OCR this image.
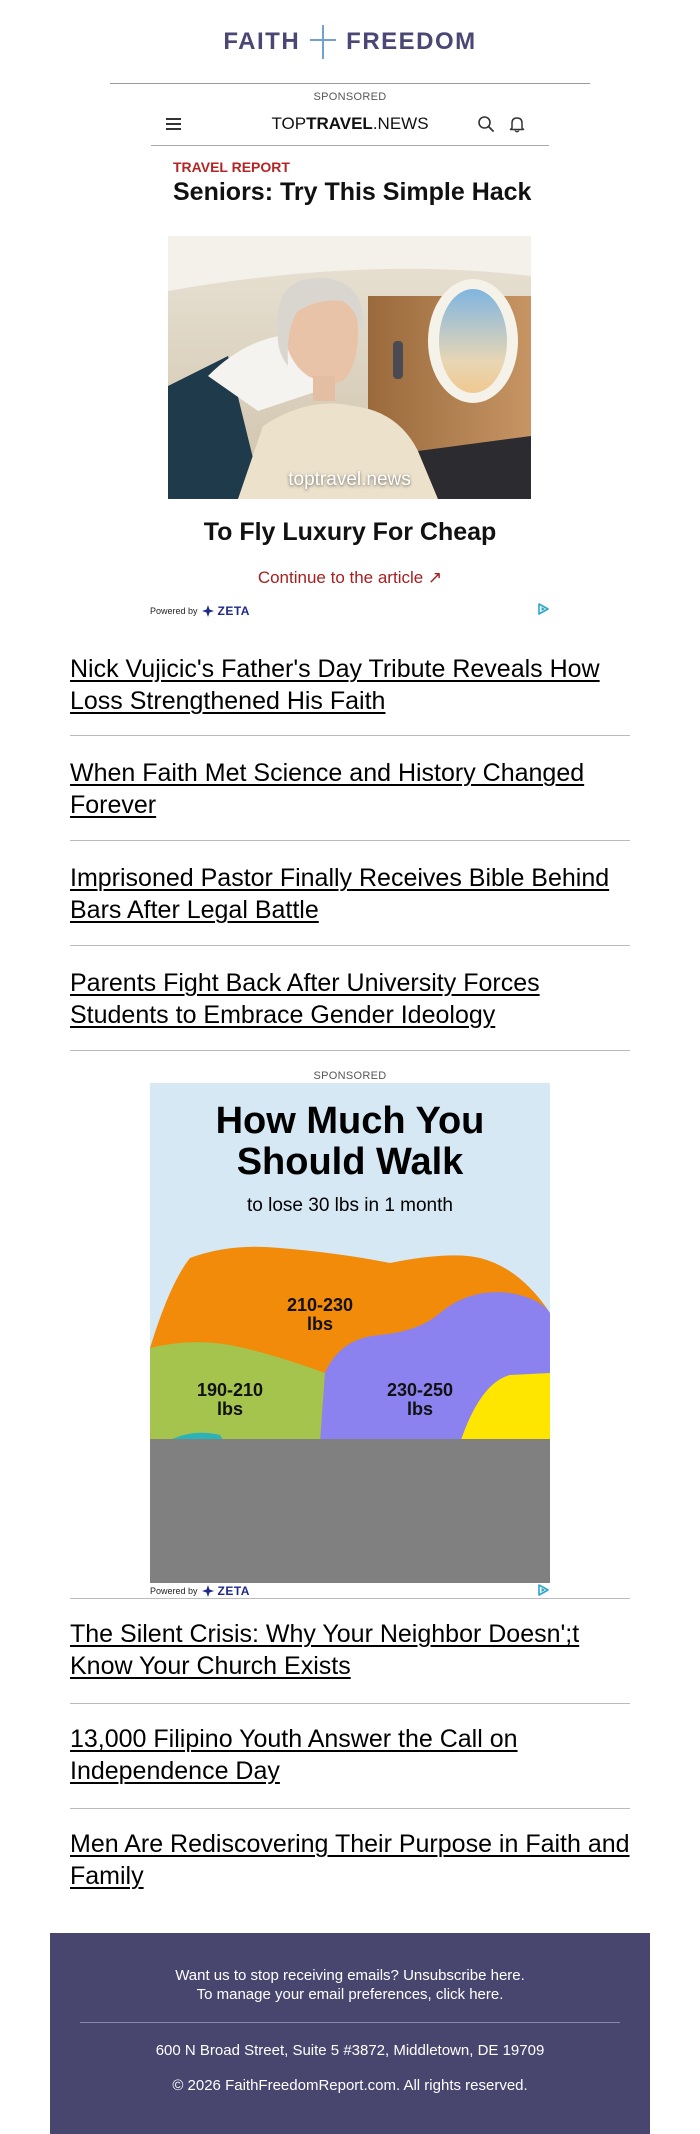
FAITH FREEDOM
SPONSORED
TOPTRAVEL.NEWS
TRAVEL REPORT
Seniors: Try This Simple Hack
toptravel.news
To Fly Luxury For Cheap
Continue to the article ↗
Powered by ZETA
Nick Vujicic's Father's Day Tribute Reveals How Loss Strengthened His Faith
When Faith Met Science and History Changed Forever
Imprisoned Pastor Finally Receives Bible Behind Bars After Legal Battle
Parents Fight Back After University Forces Students to Embrace Gender Ideology
SPONSORED
How Much You
Should Walk
to lose 30 lbs in 1 month
210-230
lbs
190-210
lbs
230-250
lbs
Powered by ZETA
The Silent Crisis: Why Your Neighbor Doesn';t Know Your Church Exists
13,000 Filipino Youth Answer the Call on Independence Day
Men Are Rediscovering Their Purpose in Faith and Family
Want us to stop receiving emails? Unsubscribe here.
To manage your email preferences, click here.
600 N Broad Street, Suite 5 #3872, Middletown, DE 19709
© 2026 FaithFreedomReport.com. All rights reserved.
